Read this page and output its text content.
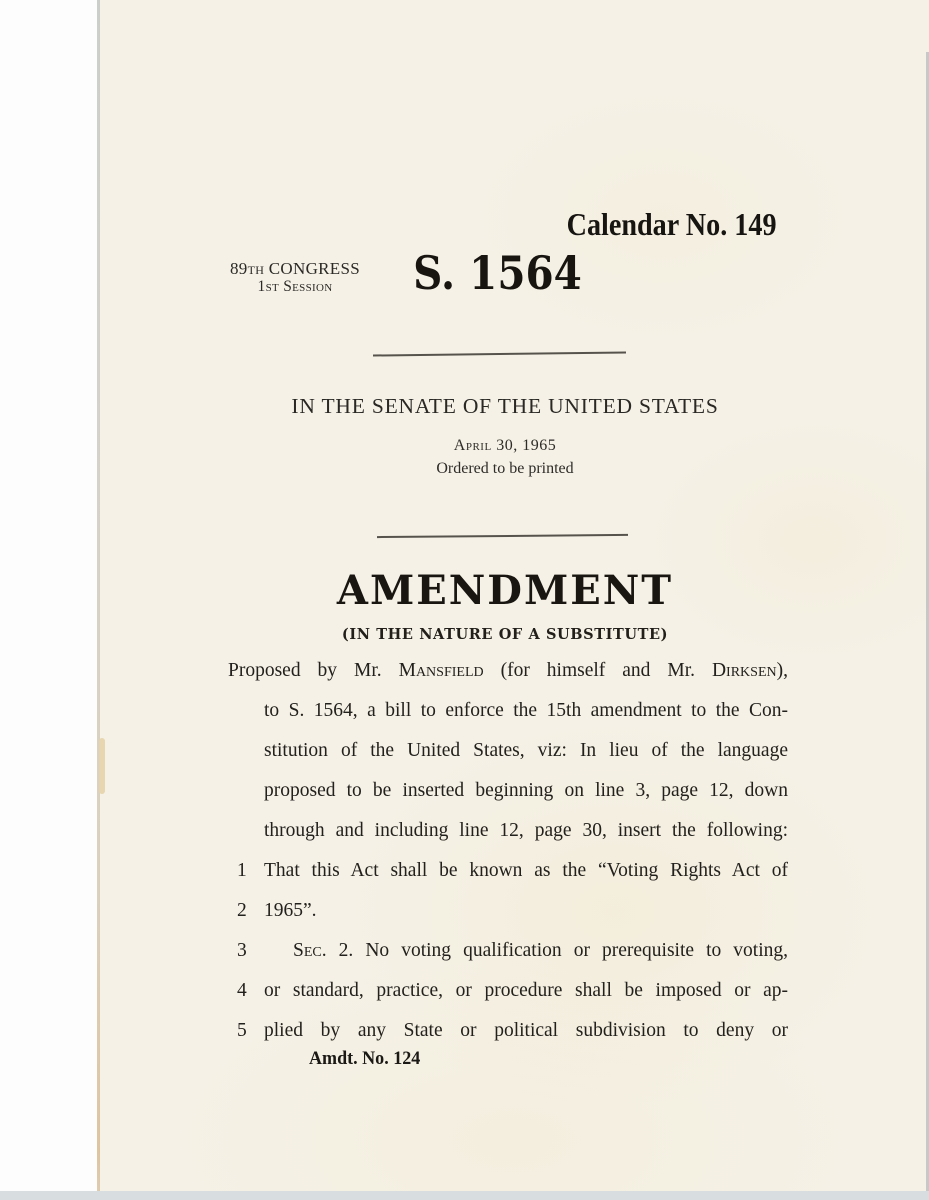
Calendar No. 149
89th CONGRESS
1st Session	S. 1564
IN THE SENATE OF THE UNITED STATES
April 30, 1965
Ordered to be printed
AMENDMENT
(IN THE NATURE OF A SUBSTITUTE)
Proposed by Mr. Mansfield (for himself and Mr. Dirksen),
to S. 1564, a bill to enforce the 15th amendment to the Con-
stitution of the United States, viz: In lieu of the language
proposed to be inserted beginning on line 3, page 12, down
through and including line 12, page 30, insert the following:
1 That this Act shall be known as the “Voting Rights Act of
2 1965”.
3	Sec. 2. No voting qualification or prerequisite to voting,
4 or standard, practice, or procedure shall be imposed or ap-
5 plied by any State or political subdivision to deny or
Amdt. No. 124
